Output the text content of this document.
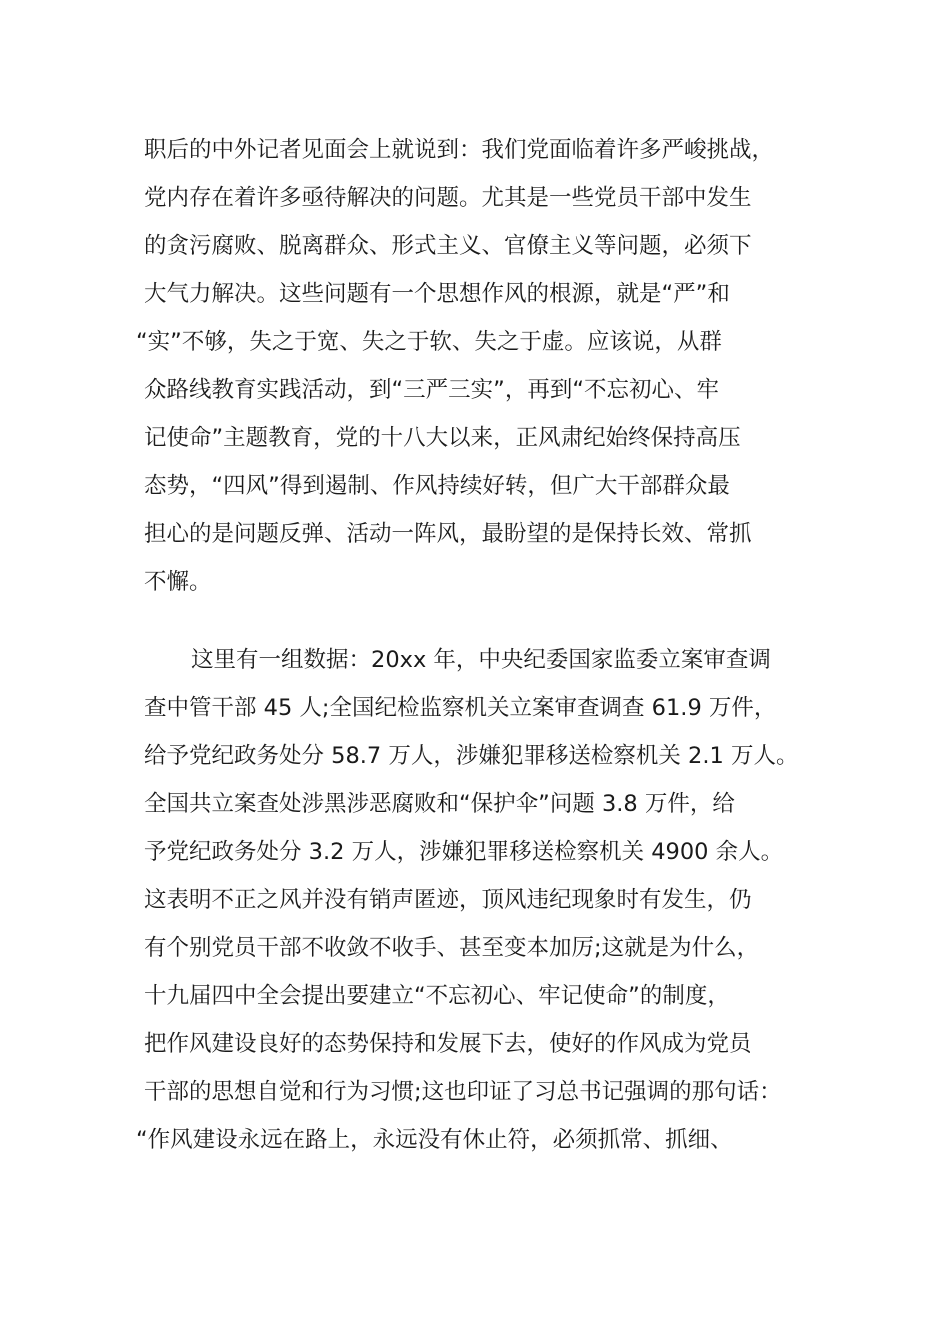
职后的中外记者见面会上就说到：我们党面临着许多严峻挑战，
党内存在着许多亟待解决的问题。尤其是一些党员干部中发生
的贪污腐败、脱离群众、形式主义、官僚主义等问题，必须下
大气力解决。这些问题有一个思想作风的根源，就是“严”和
“实”不够，失之于宽、失之于软、失之于虚。应该说，从群
众路线教育实践活动，到“三严三实”，再到“不忘初心、牢
记使命”主题教育，党的十八大以来，正风肃纪始终保持高压
态势，“四风”得到遏制、作风持续好转，但广大干部群众最
担心的是问题反弹、活动一阵风，最盼望的是保持长效、常抓
不懈。
这里有一组数据：20xx 年，中央纪委国家监委立案审查调
查中管干部 45 人;全国纪检监察机关立案审查调查 61.9 万件，
给予党纪政务处分 58.7 万人，涉嫌犯罪移送检察机关 2.1 万人。
全国共立案查处涉黑涉恶腐败和“保护伞”问题 3.8 万件，给
予党纪政务处分 3.2 万人，涉嫌犯罪移送检察机关 4900 余人。
这表明不正之风并没有销声匿迹，顶风违纪现象时有发生，仍
有个别党员干部不收敛不收手、甚至变本加厉;这就是为什么，
十九届四中全会提出要建立“不忘初心、牢记使命”的制度，
把作风建设良好的态势保持和发展下去，使好的作风成为党员
干部的思想自觉和行为习惯;这也印证了习总书记强调的那句话：
“作风建设永远在路上，永远没有休止符，必须抓常、抓细、
